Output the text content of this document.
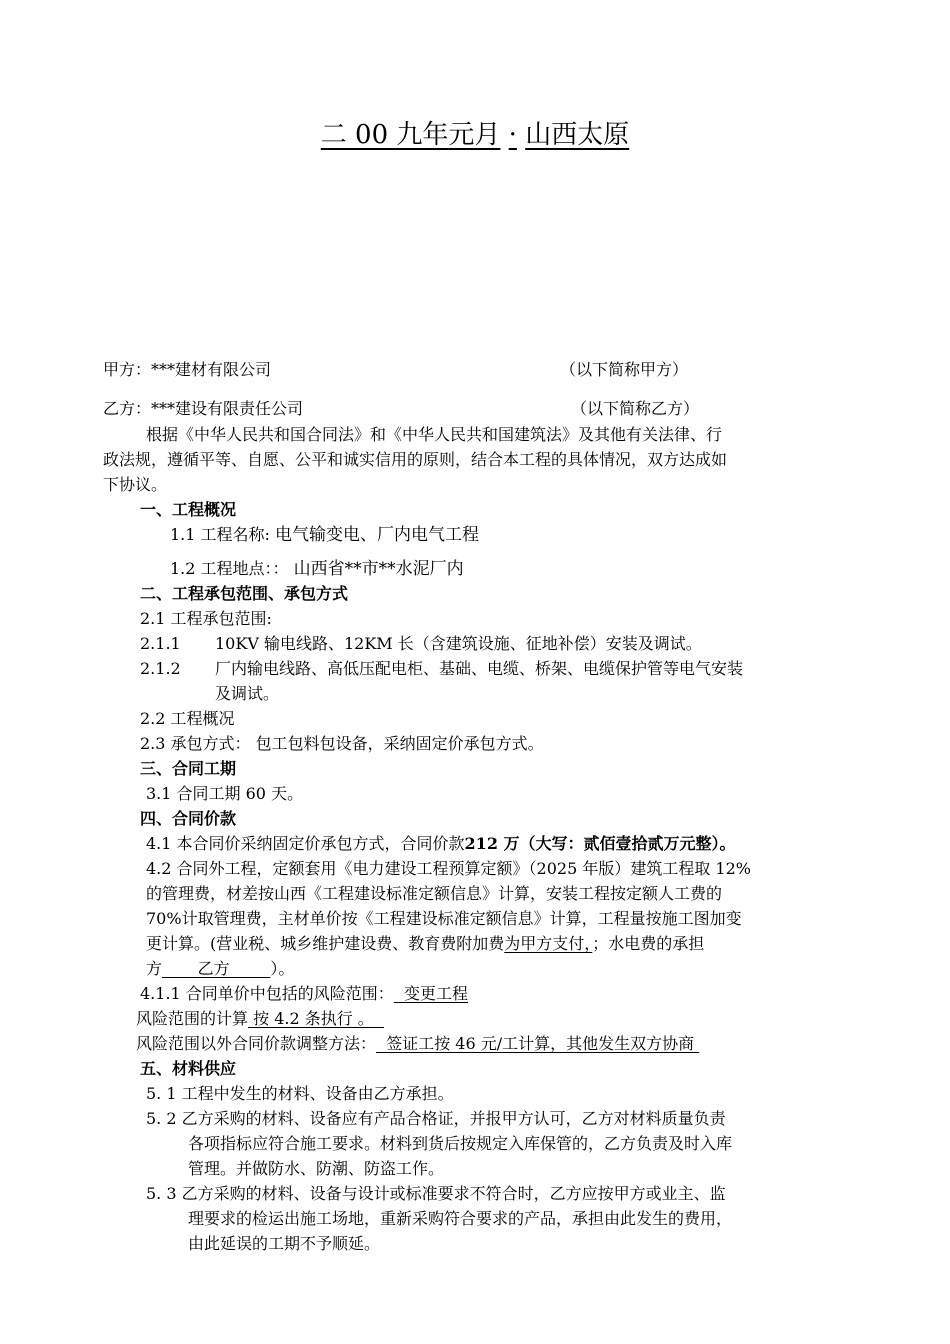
二 00 九年元月 · 山西太原
甲方：***建材有限公司	（以下简称甲方）
乙方：***建设有限责任公司	（以下简称乙方）
根据《中华人民共和国合同法》和《中华人民共和国建筑法》及其他有关法律、行
政法规，遵循平等、自愿、公平和诚实信用的原则，结合本工程的具体情况，双方达成如
下协议。
一、工程概况
1.1 工程名称: 电气输变电、厂内电气工程
1.2 工程地点：： 山西省**市**水泥厂内
二、工程承包范围、承包方式
2.1 工程承包范围:
2.1.1 10KV 输电线路、12KM 长（含建筑设施、征地补偿）安装及调试。
2.1.2 厂内输电线路、高低压配电柜、基础、电缆、桥架、电缆保护管等电气安装
及调试。
2.2 工程概况
2.3 承包方式： 包工包料包设备，采纳固定价承包方式。
三、合同工期
3.1 合同工期 60 天。
四、合同价款
4.1 本合同价采纳固定价承包方式，合同价款212 万（大写：贰佰壹拾贰万元整）。
4.2 合同外工程，定额套用《电力建设工程预算定额》（2025 年版）建筑工程取 12%
的管理费，材差按山西《工程建设标准定额信息》计算，安装工程按定额人工费的
70%计取管理费，主材单价按《工程建设标准定额信息》计算，工程量按施工图加变
更计算。(营业税、城乡维护建设费、教育费附加费为甲方支付，；水电费的承担
方       乙方        ）。
4.1.1 合同单价中包括的风险范围：  变更工程
风险范围的计算 按 4.2 条执行 。
风险范围以外合同价款调整方法：  签证工按 46 元/工计算，其他发生双方协商
五、材料供应
5. 1 工程中发生的材料、设备由乙方承担。
5. 2 乙方采购的材料、设备应有产品合格证，并报甲方认可，乙方对材料质量负责
各项指标应符合施工要求。材料到货后按规定入库保管的，乙方负责及时入库
管理。并做防水、防潮、防盗工作。
5. 3 乙方采购的材料、设备与设计或标准要求不符合时，乙方应按甲方或业主、监
理要求的检运出施工场地，重新采购符合要求的产品，承担由此发生的费用，
由此延误的工期不予顺延。
